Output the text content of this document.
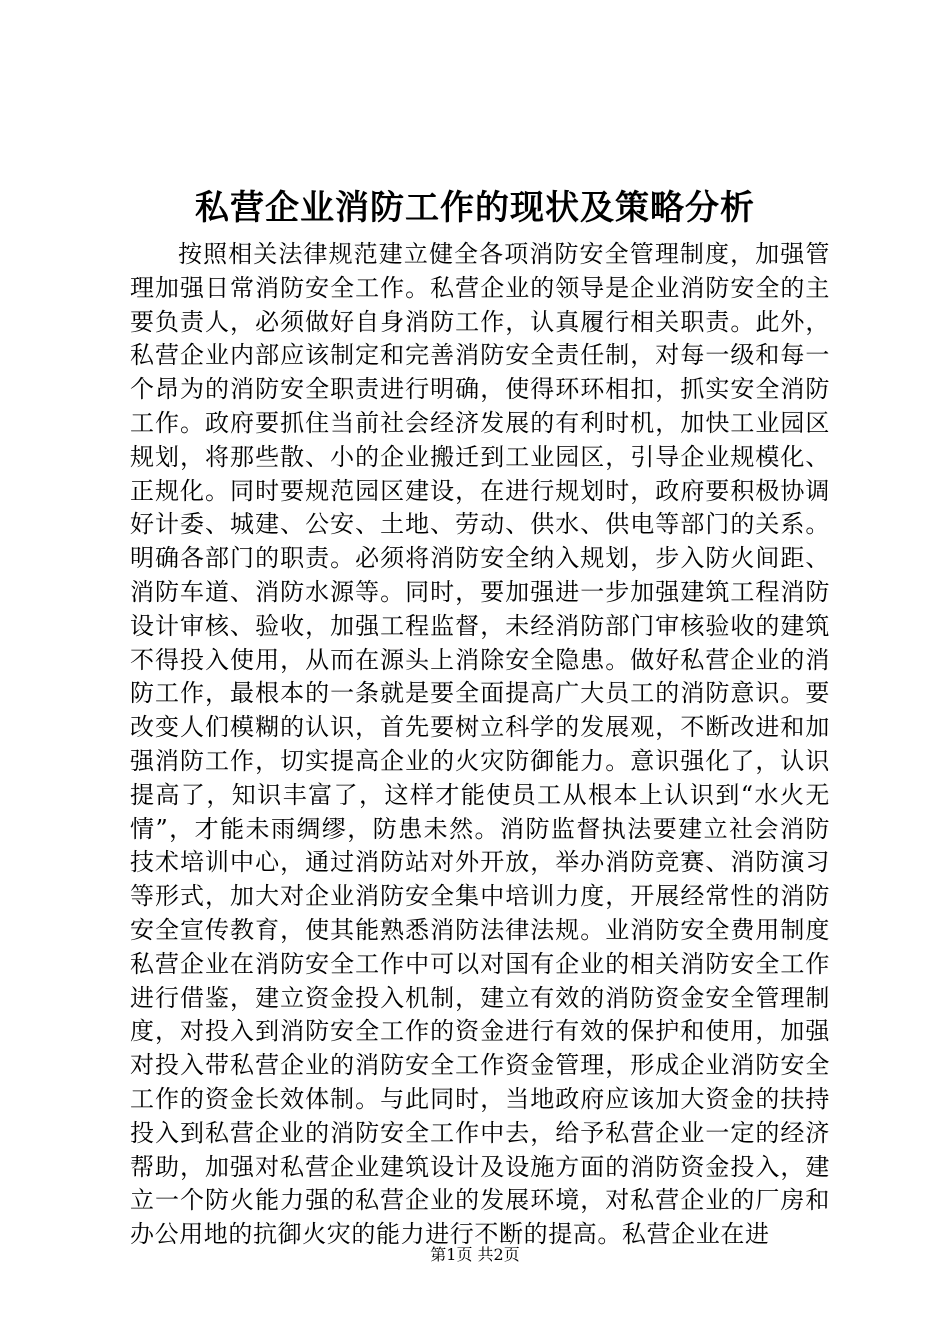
私营企业消防工作的现状及策略分析

按照相关法律规范建立健全各项消防安全管理制度，加强管理加强日常消防安全工作。私营企业的领导是企业消防安全的主要负责人，必须做好自身消防工作，认真履行相关职责。此外，私营企业内部应该制定和完善消防安全责任制，对每一级和每一个昂为的消防安全职责进行明确，使得环环相扣，抓实安全消防工作。政府要抓住当前社会经济发展的有利时机，加快工业园区规划，将那些散、小的企业搬迁到工业园区，引导企业规模化、正规化。同时要规范园区建设，在进行规划时，政府要积极协调好计委、城建、公安、土地、劳动、供水、供电等部门的关系。明确各部门的职责。必须将消防安全纳入规划，步入防火间距、消防车道、消防水源等。同时，要加强进一步加强建筑工程消防设计审核、验收，加强工程监督，未经消防部门审核验收的建筑不得投入使用，从而在源头上消除安全隐患。做好私营企业的消防工作，最根本的一条就是要全面提高广大员工的消防意识。要改变人们模糊的认识，首先要树立科学的发展观，不断改进和加强消防工作，切实提高企业的火灾防御能力。意识强化了，认识提高了，知识丰富了，这样才能使员工从根本上认识到“水火无情”，才能未雨绸缪，防患未然。消防监督执法要建立社会消防技术培训中心，通过消防站对外开放，举办消防竞赛、消防演习等形式，加大对企业消防安全集中培训力度，开展经常性的消防安全宣传教育，使其能熟悉消防法律法规。业消防安全费用制度私营企业在消防安全工作中可以对国有企业的相关消防安全工作进行借鉴，建立资金投入机制，建立有效的消防资金安全管理制度，对投入到消防安全工作的资金进行有效的保护和使用，加强对投入带私营企业的消防安全工作资金管理，形成企业消防安全工作的资金长效体制。与此同时，当地政府应该加大资金的扶持投入到私营企业的消防安全工作中去，给予私营企业一定的经济帮助，加强对私营企业建筑设计及设施方面的消防资金投入，建立一个防火能力强的私营企业的发展环境，对私营企业的厂房和办公用地的抗御火灾的能力进行不断的提高。私营企业在进

第1页 共2页
